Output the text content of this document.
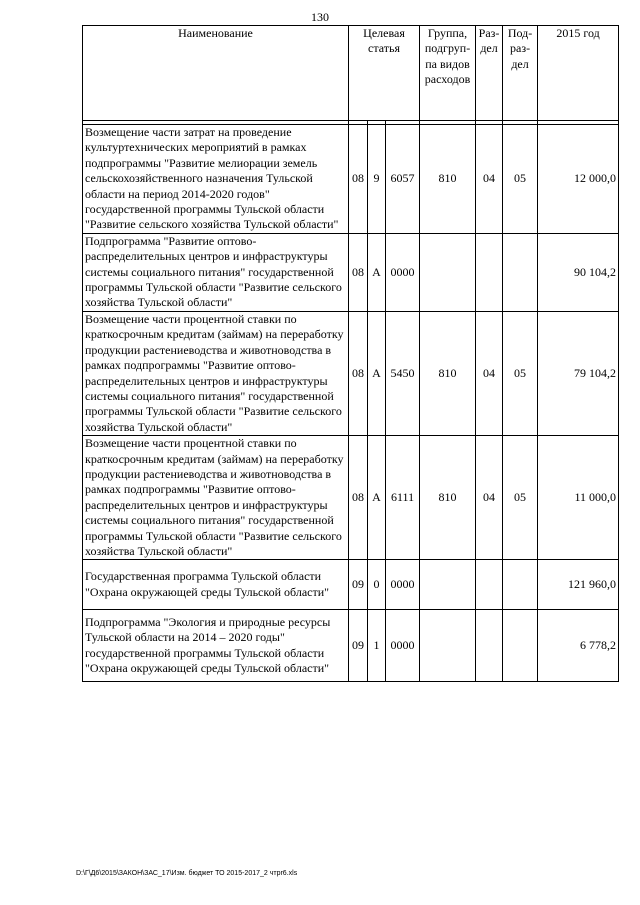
130
Наименование	Целевая статья			Группа, подгруп-па видов расходов	Раз-дел	Под-раз-дел	2015 год

Возмещение части затрат на проведение культуртехнических мероприятий в рамках подпрограммы "Развитие мелиорации земель сельскохозяйственного назначения Тульской области на период 2014-2020 годов" государственной программы Тульской области "Развитие сельского хозяйства Тульской области"	08	9	6057	810	04	05	12 000,0
Подпрограмма "Развитие оптово-распределительных центров и инфраструктуры системы социального питания" государственной программы Тульской области "Развитие сельского хозяйства Тульской области"	08	А	0000				90 104,2
Возмещение части процентной ставки по краткосрочным кредитам (займам) на переработку продукции растениеводства и животноводства в рамках подпрограммы "Развитие оптово-распределительных центров и инфраструктуры системы социального питания" государственной программы Тульской области "Развитие сельского хозяйства Тульской области"	08	А	5450	810	04	05	79 104,2
Возмещение части процентной ставки по краткосрочным кредитам (займам) на переработку продукции растениеводства и животноводства в рамках подпрограммы "Развитие оптово-распределительных центров и инфраструктуры системы социального питания" государственной программы Тульской области "Развитие сельского хозяйства Тульской области"	08	А	6111	810	04	05	11 000,0
Государственная программа Тульской области "Охрана окружающей среды Тульской области"	09	0	0000				121 960,0
Подпрограмма "Экология и природные ресурсы Тульской области на 2014 – 2020 годы" государственной программы Тульской области "Охрана окружающей среды Тульской области"	09	1	0000				6 778,2
D:\Г\Д6\2015\ЗАКОН\ЗАС_17\Изм. бюджет ТО 2015-2017_2 чтpr6.xls
